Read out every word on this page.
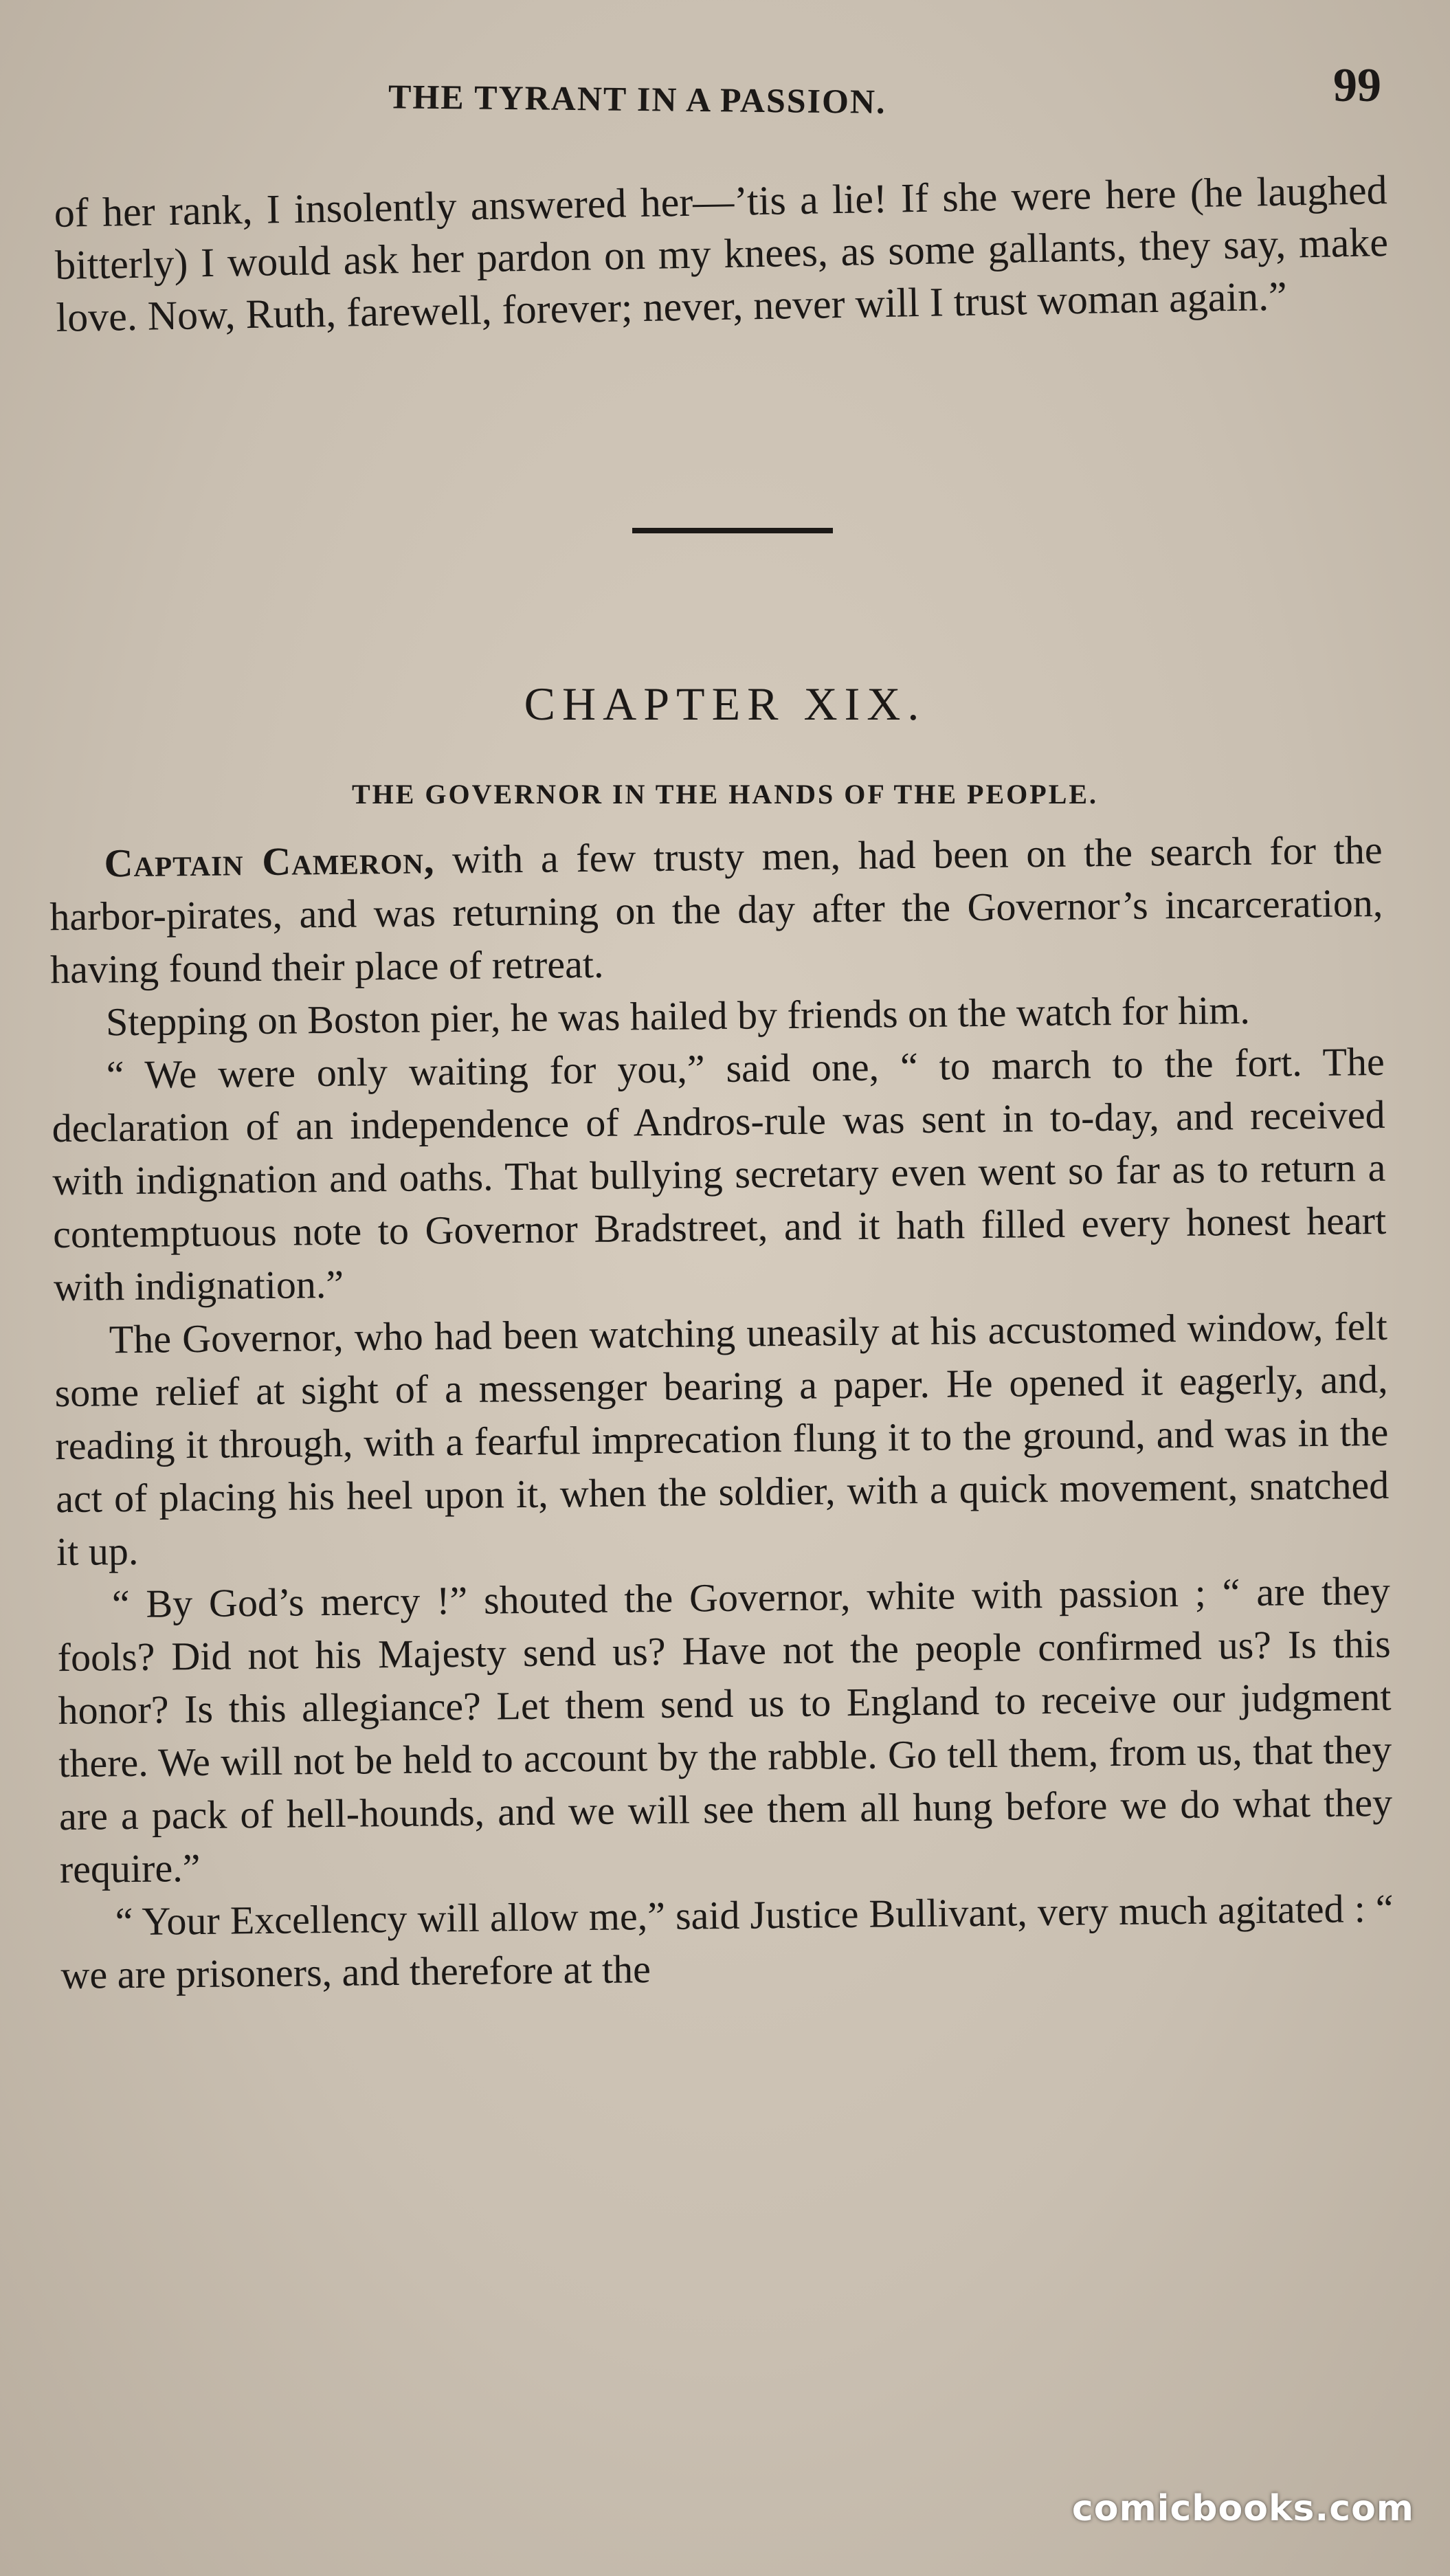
THE TYRANT IN A PASSION.	99
of her rank, I insolently answered her—’tis a lie! If she were here (he laughed bitterly) I would ask her pardon on my knees, as some gallants, they say, make love. Now, Ruth, farewell, forever; never, never will I trust woman again.”
CHAPTER XIX.
THE GOVERNOR IN THE HANDS OF THE PEOPLE.

Captain Cameron, with a few trusty men, had been on the search for the harbor-pirates, and was returning on the day after the Governor’s incarceration, having found their place of retreat.

Stepping on Boston pier, he was hailed by friends on the watch for him.

“ We were only waiting for you,” said one, “ to march to the fort. The declaration of an independence of Andros-rule was sent in to-day, and received with indignation and oaths. That bullying secretary even went so far as to return a contemptuous note to Governor Bradstreet, and it hath filled every honest heart with indignation.”

The Governor, who had been watching uneasily at his accustomed window, felt some relief at sight of a messenger bearing a paper. He opened it eagerly, and, reading it through, with a fearful imprecation flung it to the ground, and was in the act of placing his heel upon it, when the soldier, with a quick movement, snatched it up.

“ By God’s mercy !” shouted the Governor, white with passion ; “ are they fools? Did not his Majesty send us? Have not the people confirmed us? Is this honor? Is this allegiance? Let them send us to England to receive our judgment there. We will not be held to account by the rabble. Go tell them, from us, that they are a pack of hell-hounds, and we will see them all hung before we do what they require.”

“ Your Excellency will allow me,” said Justice Bullivant, very much agitated : “ we are prisoners, and therefore at the

comicbooks.com
